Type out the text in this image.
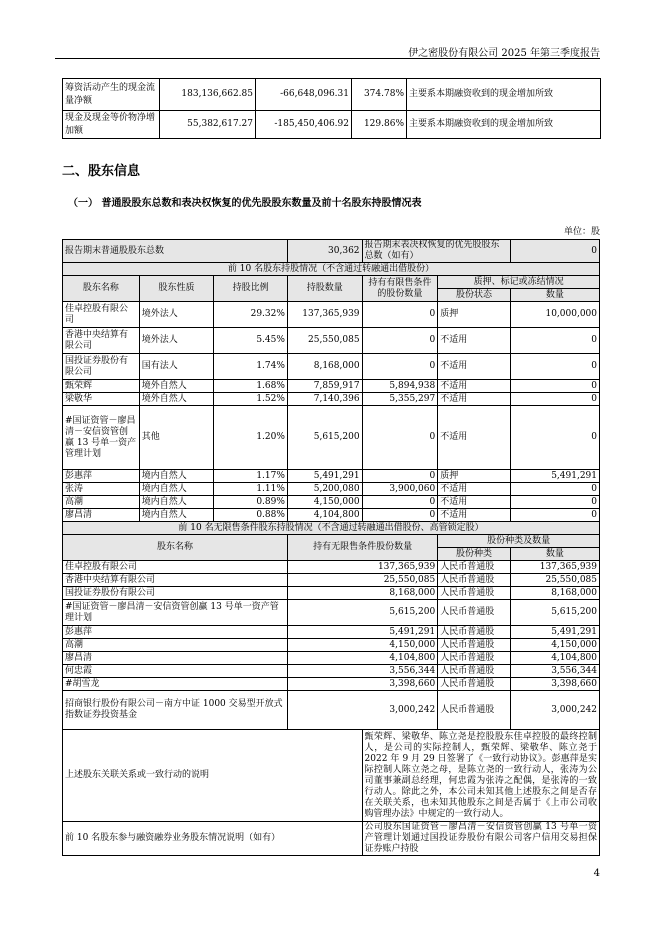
伊之密股份有限公司 2025 年第三季度报告
筹资活动产生的现金流量净额	183,136,662.85	-66,648,096.31	374.78%	主要系本期融资收到的现金增加所致
现金及现金等价物净增加额	55,382,617.27	-185,450,406.92	129.86%	主要系本期融资收到的现金增加所致
二、股东信息
（一） 普通股股东总数和表决权恢复的优先股股东数量及前十名股东持股情况表
单位：股
报告期末普通股股东总数			30,362	报告期末表决权恢复的优先股股东总数（如有）		0
前 10 名股东持股情况（不含通过转融通出借股份）						
股东名称	股东性质	持股比例	持股数量	持有有限售条件的股份数量	质押、标记或冻结情况	
					股份状态	数量
佳卓控股有限公司	境外法人	29.32%	137,365,939	0	质押	10,000,000
香港中央结算有限公司	境外法人	5.45%	25,550,085	0	不适用	0
国投证券股份有限公司	国有法人	1.74%	8,168,000	0	不适用	0
甄荣辉	境外自然人	1.68%	7,859,917	5,894,938	不适用	0
梁敬华	境外自然人	1.52%	7,140,396	5,355,297	不适用	0
#国证资管－廖昌清－安信资管创赢 13 号单一资产管理计划	其他	1.20%	5,615,200	0	不适用	0
彭惠萍	境内自然人	1.17%	5,491,291	0	质押	5,491,291
张涛	境内自然人	1.11%	5,200,080	3,900,060	不适用	0
高潮	境内自然人	0.89%	4,150,000	0	不适用	0
廖昌清	境内自然人	0.88%	4,104,800	0	不适用	0
前 10 名无限售条件股东持股情况（不含通过转融通出借股份、高管锁定股）						
股东名称			持有无限售条件股份数量		股份种类及数量	
					股份种类	数量
佳卓控股有限公司			137,365,939		人民币普通股	137,365,939
香港中央结算有限公司			25,550,085		人民币普通股	25,550,085
国投证券股份有限公司			8,168,000		人民币普通股	8,168,000
#国证资管－廖昌清－安信资管创赢 13 号单一资产管理计划			5,615,200		人民币普通股	5,615,200
彭惠萍			5,491,291		人民币普通股	5,491,291
高潮			4,150,000		人民币普通股	4,150,000
廖昌清			4,104,800		人民币普通股	4,104,800
何忠霞			3,556,344		人民币普通股	3,556,344
#胡雪龙			3,398,660		人民币普通股	3,398,660
招商银行股份有限公司－南方中证 1000 交易型开放式指数证券投资基金			3,000,242		人民币普通股	3,000,242
上述股东关联关系或一致行动的说明				甄荣辉、梁敬华、陈立尧是控股股东佳卓控股的最终控制人，是公司的实际控制人，甄荣辉、梁敬华、陈立尧于 2022 年 9 月 29 日签署了《一致行动协议》。彭惠萍是实际控制人陈立尧之母，是陈立尧的一致行动人，张涛为公司董事兼副总经理，何忠霞为张涛之配偶，是张涛的一致行动人。除此之外，本公司未知其他上述股东之间是否存在关联关系，也未知其他股东之间是否属于《上市公司收购管理办法》中规定的一致行动人。		
前 10 名股东参与融资融券业务股东情况说明（如有）				公司股东国证资管－廖昌清－安信资管创赢 13 号单一资产管理计划通过国投证券股份有限公司客户信用交易担保证券账户持股		
4
